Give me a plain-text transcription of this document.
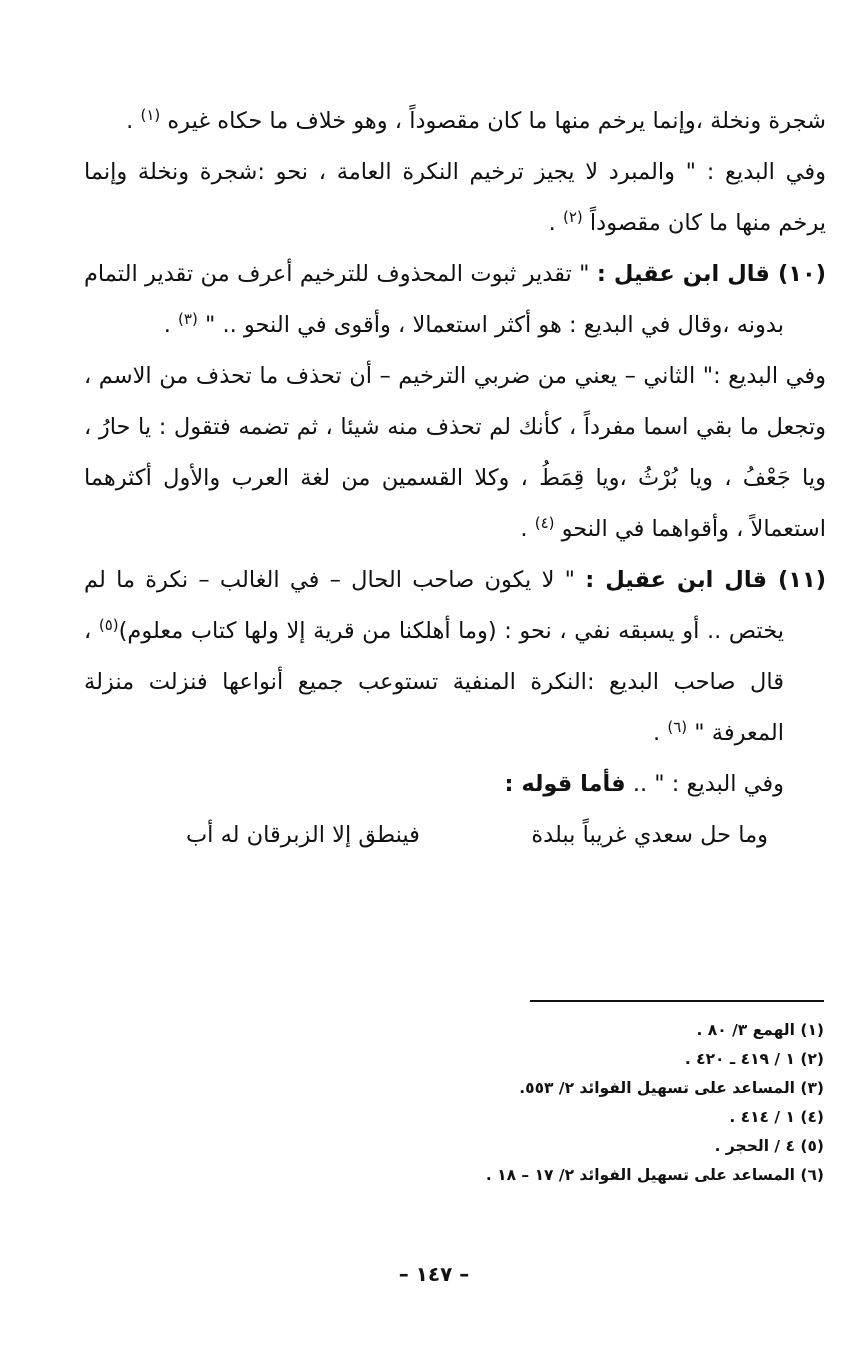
شجرة ونخلة ،وإنما يرخم منها ما كان مقصوداً ، وهو خلاف ما حكاه غيره $^{(١)}$ .

وفي البديع : " والمبرد لا يجيز ترخيم النكرة العامة ، نحو :شجرة ونخلة وإنما يرخم منها ما كان مقصوداً $^{(٢)}$ .

(١٠) قال ابن عقيل : " تقدير ثبوت المحذوف للترخيم أعرف من تقدير التمام بدونه ،وقال في البديع : هو أكثر استعمالا ، وأقوى في النحو .. " $^{(٣)}$ .

وفي البديع :" الثاني – يعني من ضربي الترخيم – أن تحذف ما تحذف من الاسم ، وتجعل ما بقي اسما مفرداً ، كأنك لم تحذف منه شيئا ، ثم تضمه فتقول : يا حارُ ، ويا جَعْفُ ، ويا بُرْثُ ،ويا قِمَطُ ، وكلا القسمين من لغة العرب والأول أكثرهما استعمالاً ، وأقواهما في النحو $^{(٤)}$ .

(١١) قال ابن عقيل : " لا يكون صاحب الحال – في الغالب – نكرة ما لم يختص .. أو يسبقه نفي ، نحو : (وما أهلكنا من قرية إلا ولها كتاب معلوم)$^{(٥)}$ ، قال صاحب البديع :النكرة المنفية تستوعب جميع أنواعها فنزلت منزلة المعرفة " $^{(٦)}$ .

وفي البديع : " .. فأما قوله :

وما حل سعدي غريباً ببلدة
فينطق إلا الزبرقان له أب

(١) الهمع ٣/ ٨٠ .

(٢) ١ / ٤١٩ ـ ٤٢٠ .

(٣) المساعد على تسهيل الفوائد ٢/ ٥٥٣.

(٤) ١ / ٤١٤ .

(٥) ٤ / الحجر .

(٦) المساعد على تسهيل الفوائد ٢/ ١٧ – ١٨ .

– ١٤٧ –
